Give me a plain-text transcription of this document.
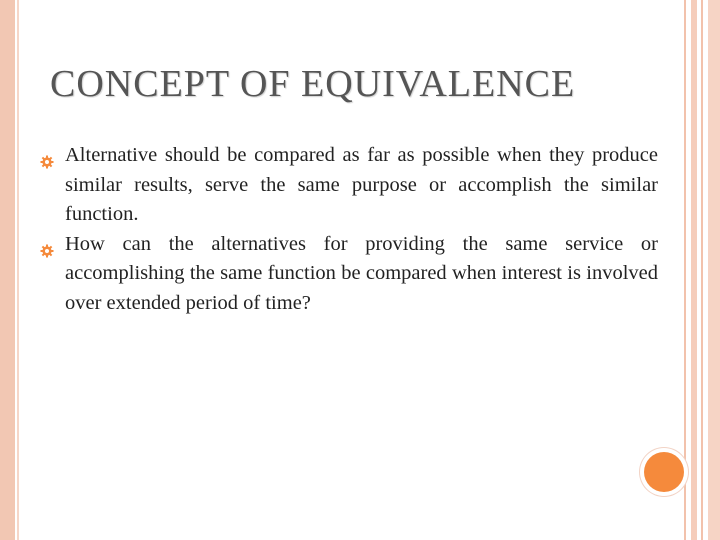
CONCEPT OF EQUIVALENCE
Alternative should be compared as far as possible when they produce similar results, serve the same purpose or accomplish the similar function.
How can the alternatives for providing the same service or accomplishing the same function be compared when interest is involved over extended period of time?
